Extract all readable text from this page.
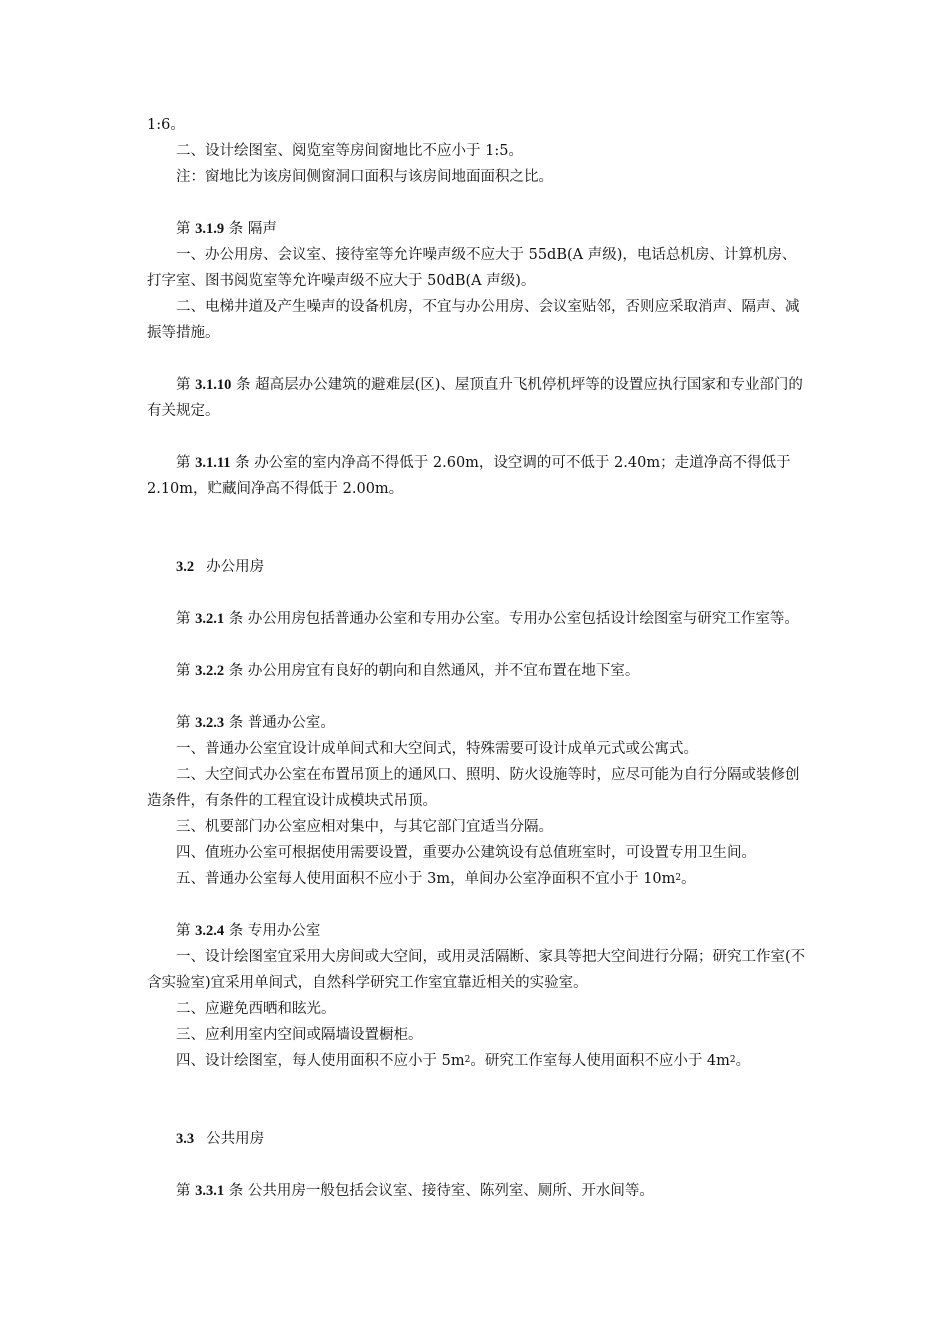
1:6。

二、设计绘图室、阅览室等房间窗地比不应小于 1:5。

注：窗地比为该房间侧窗洞口面积与该房间地面面积之比。

第 3.1.9 条 隔声

一、办公用房、会议室、接待室等允许噪声级不应大于 55dB(A 声级)，电话总机房、计算机房、打字室、图书阅览室等允许噪声级不应大于 50dB(A 声级)。

二、电梯井道及产生噪声的设备机房，不宜与办公用房、会议室贴邻，否则应采取消声、隔声、减振等措施。

第 3.1.10 条 超高层办公建筑的避难层(区)、屋顶直升飞机停机坪等的设置应执行国家和专业部门的有关规定。

第 3.1.11 条 办公室的室内净高不得低于 2.60m，设空调的可不低于 2.40m；走道净高不得低于 2.10m，贮藏间净高不得低于 2.00m。

3.2 办公用房

第 3.2.1 条 办公用房包括普通办公室和专用办公室。专用办公室包括设计绘图室与研究工作室等。

第 3.2.2 条 办公用房宜有良好的朝向和自然通风，并不宜布置在地下室。

第 3.2.3 条 普通办公室。

一、普通办公室宜设计成单间式和大空间式，特殊需要可设计成单元式或公寓式。

二、大空间式办公室在布置吊顶上的通风口、照明、防火设施等时，应尽可能为自行分隔或装修创造条件，有条件的工程宜设计成模块式吊顶。

三、机要部门办公室应相对集中，与其它部门宜适当分隔。

四、值班办公室可根据使用需要设置，重要办公建筑设有总值班室时，可设置专用卫生间。

五、普通办公室每人使用面积不应小于 3m，单间办公室净面积不宜小于 $10m^2$。

第 3.2.4 条 专用办公室

一、设计绘图室宜采用大房间或大空间，或用灵活隔断、家具等把大空间进行分隔；研究工作室(不含实验室)宜采用单间式，自然科学研究工作室宜靠近相关的实验室。

二、应避免西晒和眩光。

三、应利用室内空间或隔墙设置橱柜。

四、设计绘图室，每人使用面积不应小于 $5m^2$。研究工作室每人使用面积不应小于 $4m^2$。

3.3 公共用房

第 3.3.1 条 公共用房一般包括会议室、接待室、陈列室、厕所、开水间等。
